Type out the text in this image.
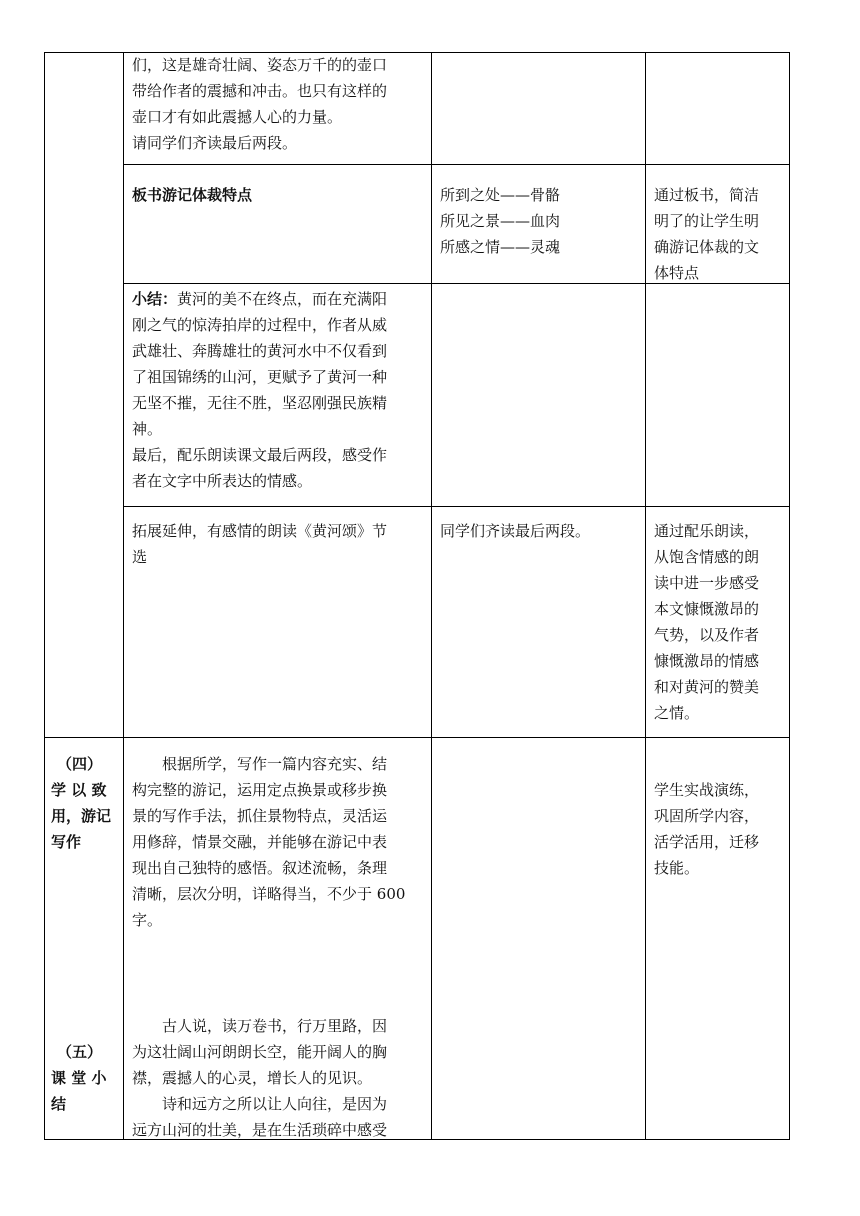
们，这是雄奇壮阔、姿态万千的的壶口

带给作者的震撼和冲击。也只有这样的

壶口才有如此震撼人心的力量。

请同学们齐读最后两段。

板书游记体裁特点	所到之处——骨骼

所见之景——血肉

所感之情——灵魂

通过板书，简洁

明了的让学生明

确游记体裁的文

体特点

小结：黄河的美不在终点，而在充满阳

刚之气的惊涛拍岸的过程中，作者从威

武雄壮、奔腾雄壮的黄河水中不仅看到

了祖国锦绣的山河，更赋予了黄河一种

无坚不摧，无往不胜，坚忍刚强民族精

神。

最后，配乐朗读课文最后两段，感受作

者在文字中所表达的情感。

拓展延伸，有感情的朗读《黄河颂》节

选

同学们齐读最后两段。	通过配乐朗读，

从饱含情感的朗

读中进一步感受

本文慷慨激昂的

气势，以及作者

慷慨激昂的情感

和对黄河的赞美

之情。

（四）

学 以 致

用，游记

写作

（五）

课 堂 小

结

　　根据所学，写作一篇内容充实、结

构完整的游记，运用定点换景或移步换

景的写作手法，抓住景物特点，灵活运

用修辞，情景交融，并能够在游记中表

现出自己独特的感悟。叙述流畅，条理

清晰，层次分明，详略得当，不少于 600

字。

　　古人说，读万卷书，行万里路，因

为这壮阔山河朗朗长空，能开阔人的胸

襟，震撼人的心灵，增长人的见识。

　　诗和远方之所以让人向往，是因为

远方山河的壮美，是在生活琐碎中感受

学生实战演练，

巩固所学内容，

活学活用，迁移

技能。
